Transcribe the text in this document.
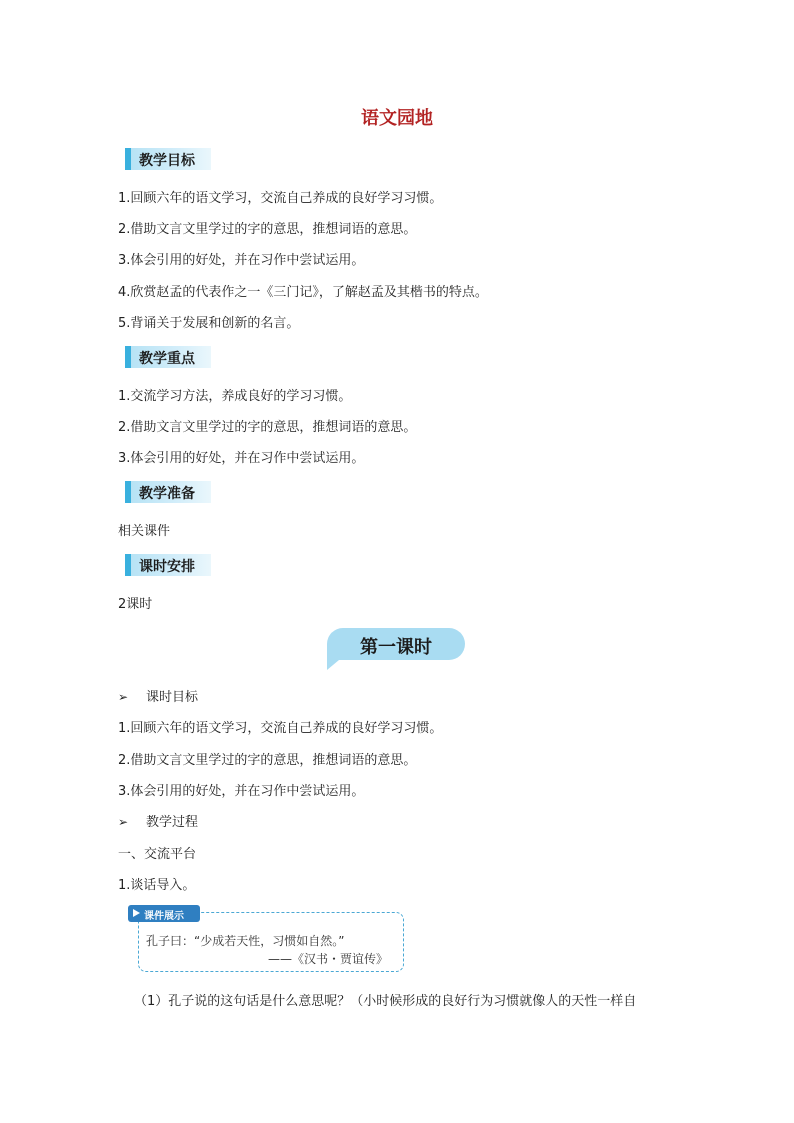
语文园地
教学目标
1.回顾六年的语文学习，交流自己养成的良好学习习惯。
2.借助文言文里学过的字的意思，推想词语的意思。
3.体会引用的好处，并在习作中尝试运用。
4.欣赏赵孟的代表作之一《三门记》，了解赵孟及其楷书的特点。
5.背诵关于发展和创新的名言。
教学重点
1.交流学习方法，养成良好的学习习惯。
2.借助文言文里学过的字的意思，推想词语的意思。
3.体会引用的好处，并在习作中尝试运用。
教学准备
相关课件
课时安排
2课时
第一课时
➢ 课时目标
1.回顾六年的语文学习，交流自己养成的良好学习习惯。
2.借助文言文里学过的字的意思，推想词语的意思。
3.体会引用的好处，并在习作中尝试运用。
➢ 教学过程
一、交流平台
1.谈话导入。
课件展示
孔子曰：“少成若天性，习惯如自然。”
——《汉书・贾谊传》
（1）孔子说的这句话是什么意思呢？（小时候形成的良好行为习惯就像人的天性一样自
